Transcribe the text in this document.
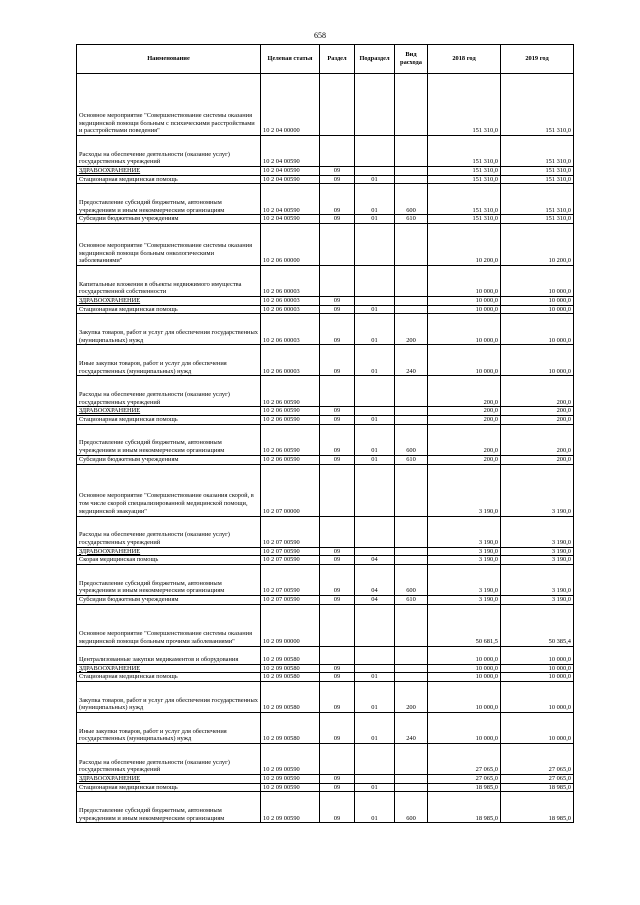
658
Наименование	Целевая статья	Раздел	Подраздел	Вид расхода	2018 год	2019 год
Основное мероприятие "Совершенствование системы оказания медицинской помощи больным с психическими расстройствами и расстройствами поведения"	10 2 04 00000				151 310,0	151 310,0
Расходы на обеспечение деятельности (оказание услуг) государственных учреждений	10 2 04 00590				151 310,0	151 310,0
ЗДРАВООХРАНЕНИЕ	10 2 04 00590	09			151 310,0	151 310,0
Стационарная медицинская помощь	10 2 04 00590	09	01		151 310,0	151 310,0
Предоставление субсидий бюджетным, автономным учреждениям и иным некоммерческим организациям	10 2 04 00590	09	01	600	151 310,0	151 310,0
Субсидии бюджетным учреждениям	10 2 04 00590	09	01	610	151 310,0	151 310,0
Основное мероприятие "Совершенствование системы оказания медицинской помощи больным онкологическими заболеваниями"	10 2 06 00000				10 200,0	10 200,0
Капитальные вложения в объекты недвижимого имущества государственной собственности	10 2 06 00003				10 000,0	10 000,0
ЗДРАВООХРАНЕНИЕ	10 2 06 00003	09			10 000,0	10 000,0
Стационарная медицинская помощь	10 2 06 00003	09	01		10 000,0	10 000,0
Закупка товаров, работ и услуг для обеспечения государственных (муниципальных) нужд	10 2 06 00003	09	01	200	10 000,0	10 000,0
Иные закупки товаров, работ и услуг для обеспечения государственных (муниципальных) нужд	10 2 06 00003	09	01	240	10 000,0	10 000,0
Расходы на обеспечение деятельности (оказание услуг) государственных учреждений	10 2 06 00590				200,0	200,0
ЗДРАВООХРАНЕНИЕ	10 2 06 00590	09			200,0	200,0
Стационарная медицинская помощь	10 2 06 00590	09	01		200,0	200,0
Предоставление субсидий бюджетным, автономным учреждениям и иным некоммерческим организациям	10 2 06 00590	09	01	600	200,0	200,0
Субсидии бюджетным учреждениям	10 2 06 00590	09	01	610	200,0	200,0
Основное мероприятие "Совершенствование оказания скорой, в том числе скорой специализированной медицинской помощи, медицинской эвакуации"	10 2 07 00000				3 190,0	3 190,0
Расходы на обеспечение деятельности (оказание услуг) государственных учреждений	10 2 07 00590				3 190,0	3 190,0
ЗДРАВООХРАНЕНИЕ	10 2 07 00590	09			3 190,0	3 190,0
Скорая медицинская помощь	10 2 07 00590	09	04		3 190,0	3 190,0
Предоставление субсидий бюджетным, автономным учреждениям и иным некоммерческим организациям	10 2 07 00590	09	04	600	3 190,0	3 190,0
Субсидии бюджетным учреждениям	10 2 07 00590	09	04	610	3 190,0	3 190,0
Основное мероприятие "Совершенствование системы оказания медицинской помощи больным прочими заболеваниями"	10 2 09 00000				50 681,5	50 385,4
Централизованные закупки медикаментов и оборудования	10 2 09 00580				10 000,0	10 000,0
ЗДРАВООХРАНЕНИЕ	10 2 09 00580	09			10 000,0	10 000,0
Стационарная медицинская помощь	10 2 09 00580	09	01		10 000,0	10 000,0
Закупка товаров, работ и услуг для обеспечения государственных (муниципальных) нужд	10 2 09 00580	09	01	200	10 000,0	10 000,0
Иные закупки товаров, работ и услуг для обеспечения государственных (муниципальных) нужд	10 2 09 00580	09	01	240	10 000,0	10 000,0
Расходы на обеспечение деятельности (оказание услуг) государственных учреждений	10 2 09 00590				27 065,0	27 065,0
ЗДРАВООХРАНЕНИЕ	10 2 09 00590	09			27 065,0	27 065,0
Стационарная медицинская помощь	10 2 09 00590	09	01		18 985,0	18 985,0
Предоставление субсидий бюджетным, автономным учреждениям и иным некоммерческим организациям	10 2 09 00590	09	01	600	18 985,0	18 985,0
